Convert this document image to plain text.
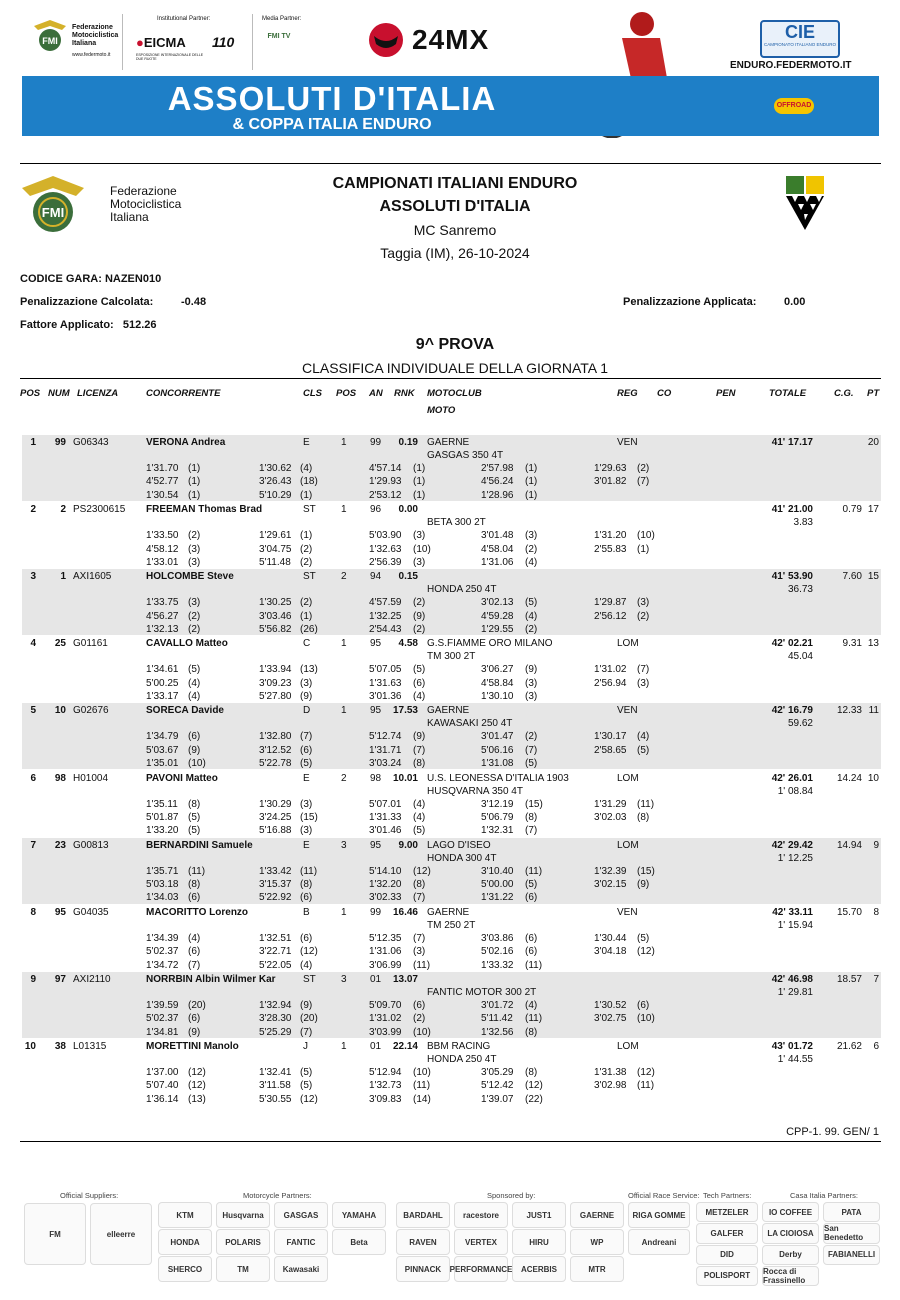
FMI
Federazione
Motociclistica
Italiana
www.federmoto.it
Institutional Partner:
●EICMA
ESPOSIZIONE INTERNAZIONALE DELLE DUE RUOTE
110
Media Partner:
FMI TV	24MX	CIE
CAMPIONATO ITALIANO ENDURO
ENDURO.FEDERMOTO.IT
ASSOLUTI D'ITALIA
& COPPA ITALIA ENDURO
OFFROAD
FMI
Federazione
Motociclistica
Italiana
CAMPIONATI ITALIANI ENDURO
ASSOLUTI D'ITALIA
MC Sanremo
Taggia (IM), 26-10-2024
CODICE GARA: NAZEN010
Penalizzazione Calcolata:	-0.48	Penalizzazione Applicata:	0.00
Fattore Applicato: 512.26
9^ PROVA
CLASSIFICA INDIVIDUALE DELLA GIORNATA 1
POS NUM LICENZA	CONCORRENTE	CLS POS AN RNK MOTOCLUB
MOTO
REG CO	PEN	TOTALE	C.G. PT
1	99 G06343	VERONA Andrea	E	1 99	0.19 GAERNE	VEN	41' 17.17	20
GASGAS 350 4T
1'31.70 (1)	1'30.62 (4)	4'57.14 (1)	2'57.98 (1)	1'29.63 (2)
4'52.77 (1)	3'26.43 (18)	1'29.93 (1)	4'56.24 (1)	3'01.82 (7)
1'30.54 (1)	5'10.29 (1)	2'53.12 (1)	1'28.96 (1)
2	2 PS2300615 FREEMAN Thomas Brad	ST	1 96	0.00	41' 21.00	0.79 17
BETA 300 2T	3.83
1'33.50 (2)	1'29.61 (1)	5'03.90 (3)	3'01.48 (3)	1'31.20 (10)
4'58.12 (3)	3'04.75 (2)	1'32.63 (10)	4'58.04 (2)	2'55.83 (1)
1'33.01 (3)	5'11.48 (2)	2'56.39 (3)	1'31.06 (4)
3	1 AXI1605	HOLCOMBE Steve	ST	2 94	0.15	41' 53.90	7.60 15
HONDA 250 4T	36.73
1'33.75 (3)	1'30.25 (2)	4'57.59 (2)	3'02.13 (5)	1'29.87 (3)
4'56.27 (2)	3'03.46 (1)	1'32.25 (9)	4'59.28 (4)	2'56.12 (2)
1'32.13 (2)	5'56.82 (26)	2'54.43 (2)	1'29.55 (2)
4	25 G01161	CAVALLO Matteo	C	1 95	4.58 G.S.FIAMME ORO MILANO	LOM	42' 02.21	9.31 13
TM 300 2T	45.04
1'34.61 (5)	1'33.94 (13)	5'07.05 (5)	3'06.27 (9)	1'31.02 (7)
5'00.25 (4)	3'09.23 (3)	1'31.63 (6)	4'58.84 (3)	2'56.94 (3)
1'33.17 (4)	5'27.80 (9)	3'01.36 (4)	1'30.10 (3)
5	10 G02676	SORECA Davide	D	1 95	17.53 GAERNE	VEN	42' 16.79	12.33 11
KAWASAKI 250 4T	59.62
1'34.79 (6)	1'32.80 (7)	5'12.74 (9)	3'01.47 (2)	1'30.17 (4)
5'03.67 (9)	3'12.52 (6)	1'31.71 (7)	5'06.16 (7)	2'58.65 (5)
1'35.01 (10)	5'22.78 (5)	3'03.24 (8)	1'31.08 (5)
6	98 H01004	PAVONI Matteo	E	2 98	10.01 U.S. LEONESSA D'ITALIA 1903	LOM	42' 26.01	14.24 10
HUSQVARNA 350 4T	1' 08.84
1'35.11 (8)	1'30.29 (3)	5'07.01 (4)	3'12.19 (15)	1'31.29 (11)
5'01.87 (5)	3'24.25 (15)	1'31.33 (4)	5'06.79 (8)	3'02.03 (8)
1'33.20 (5)	5'16.88 (3)	3'01.46 (5)	1'32.31 (7)
7	23 G00813	BERNARDINI Samuele	E	3 95	9.00 LAGO D'ISEO	LOM	42' 29.42	14.94	9
HONDA 300 4T	1' 12.25
1'35.71 (11)	1'33.42 (11)	5'14.10 (12)	3'10.40 (11)	1'32.39 (15)
5'03.18 (8)	3'15.37 (8)	1'32.20 (8)	5'00.00 (5)	3'02.15 (9)
1'34.03 (6)	5'22.92 (6)	3'02.33 (7)	1'31.22 (6)
8	95 G04035	MACORITTO Lorenzo	B	1 99	16.46 GAERNE	VEN	42' 33.11	15.70	8
TM 250 2T	1' 15.94
1'34.39 (4)	1'32.51 (6)	5'12.35 (7)	3'03.86 (6)	1'30.44 (5)
5'02.37 (6)	3'22.71 (12)	1'31.06 (3)	5'02.16 (6)	3'04.18 (12)
1'34.72 (7)	5'22.05 (4)	3'06.99 (11)	1'33.32 (11)
9	97 AXI2110	NORRBIN Albin Wilmer Kar	ST	3 01	13.07	42' 46.98	18.57	7
FANTIC MOTOR 300 2T	1' 29.81
1'39.59 (20)	1'32.94 (9)	5'09.70 (6)	3'01.72 (4)	1'30.52 (6)
5'02.37 (6)	3'28.30 (20)	1'31.02 (2)	5'11.42 (11)	3'02.75 (10)
1'34.81 (9)	5'25.29 (7)	3'03.99 (10)	1'32.56 (8)
10	38 L01315	MORETTINI Manolo	J	1 01	22.14 BBM RACING	LOM	43' 01.72	21.62	6
HONDA 250 4T	1' 44.55
1'37.00 (12)	1'32.41 (5)	5'12.94 (10)	3'05.29 (8)	1'31.38 (12)
5'07.40 (12)	3'11.58 (5)	1'32.73 (11)	5'12.42 (12)	3'02.98 (11)
1'36.14 (13)	5'30.55 (12)	3'09.83 (14)	1'39.07 (22)
CPP-1. 99. GEN/ 1
Official Suppliers:
FM	elleerre
Motorcycle Partners:
KTM	Husqvarna	GASGAS	YAMAHA
HONDA	POLARIS	FANTIC	Beta
SHERCO	TM	Kawasaki
Sponsored by:
BARDAHL	racestore	JUST1	GAERNE
RAVEN	VERTEX	HIRU	WP
PINNACK	PERFORMANCE	ACERBIS	MTR
Official Race Service:
RIGA GOMME
Andreani
Tech Partners:
METZELER
GALFER
DID
POLISPORT
Casa Italia Partners:
IO COFFEE	PATA
LA CIOIOSA	San Benedetto
Derby	FABIANELLI
Rocca di Frassinello
